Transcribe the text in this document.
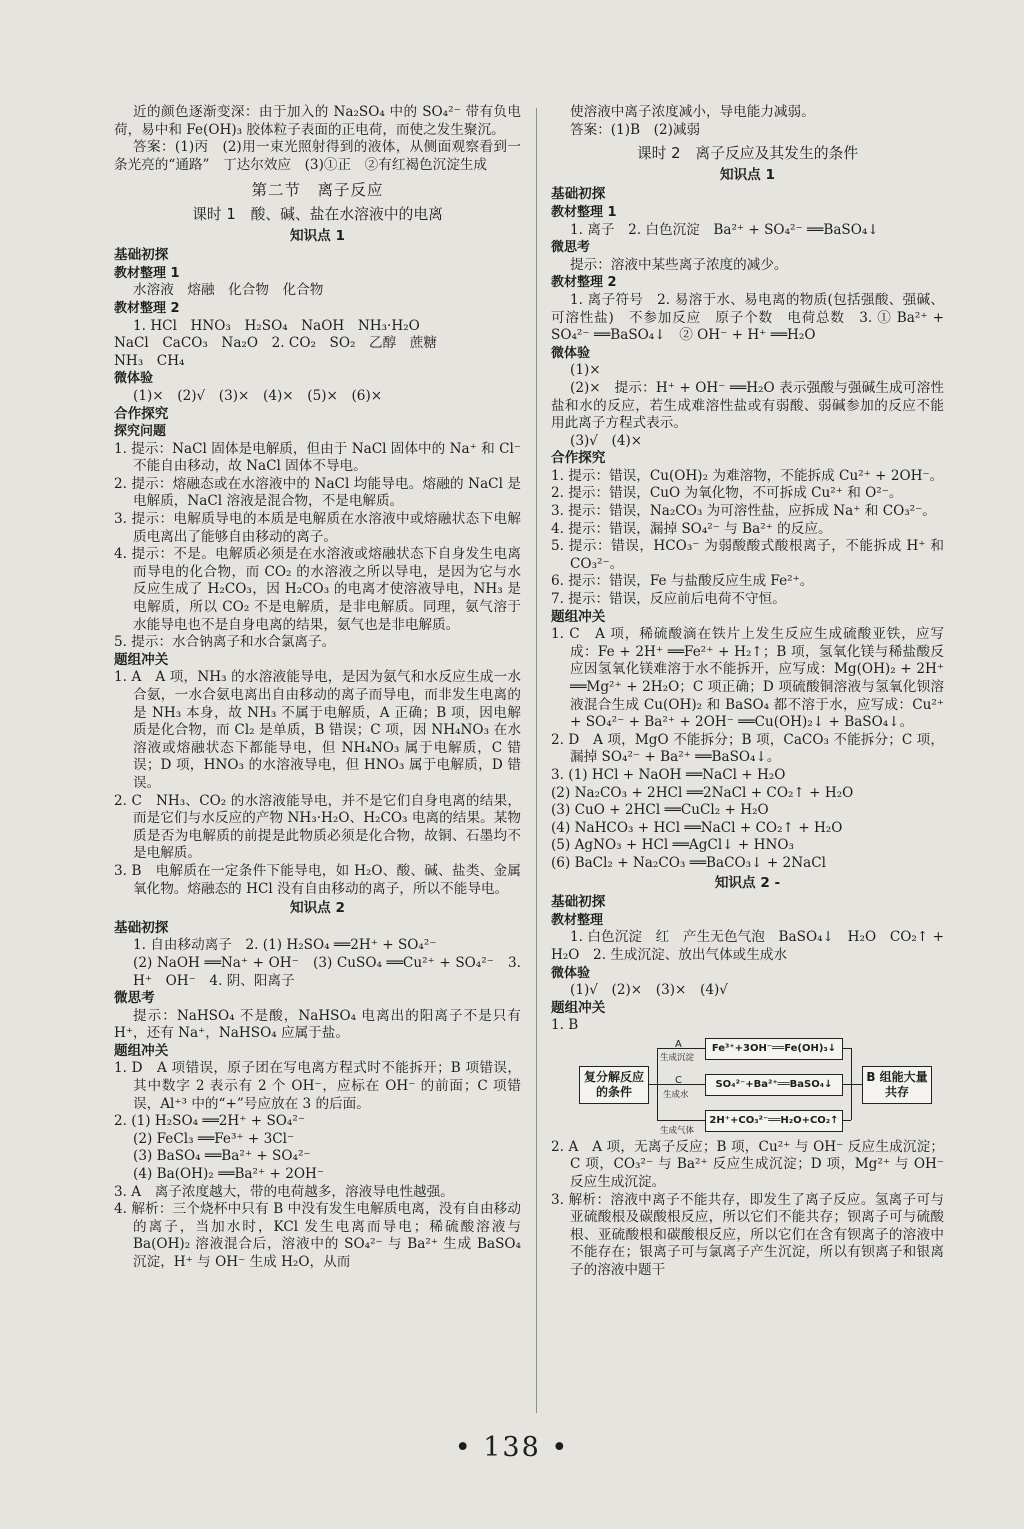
近的颜色逐渐变深：由于加入的 Na₂SO₄ 中的 SO₄²⁻ 带有负电荷，易中和 Fe(OH)₃ 胶体粒子表面的正电荷，而使之发生聚沉。

答案：(1)丙　(2)用一束光照射得到的液体，从侧面观察看到一条光亮的“通路”　丁达尔效应　(3)①正　②有红褐色沉淀生成

第二节　离子反应
课时 1　酸、碱、盐在水溶液中的电离
知识点 1
基础初探
教材整理 1

水溶液　熔融　化合物　化合物

教材整理 2

1. HCl　HNO₃　H₂SO₄　NaOH　NH₃·H₂O

NaCl　CaCO₃　Na₂O　2. CO₂　SO₂　乙醇　蔗糖

NH₃　CH₄

微体验

(1)×　(2)√　(3)×　(4)×　(5)×　(6)×

合作探究
探究问题

1. 提示：NaCl 固体是电解质，但由于 NaCl 固体中的 Na⁺ 和 Cl⁻ 不能自由移动，故 NaCl 固体不导电。

2. 提示：熔融态或在水溶液中的 NaCl 均能导电。熔融的 NaCl 是电解质，NaCl 溶液是混合物，不是电解质。

3. 提示：电解质导电的本质是电解质在水溶液中或熔融状态下电解质电离出了能够自由移动的离子。

4. 提示：不是。电解质必须是在水溶液或熔融状态下自身发生电离而导电的化合物，而 CO₂ 的水溶液之所以导电，是因为它与水反应生成了 H₂CO₃，因 H₂CO₃ 的电离才使溶液导电，NH₃ 是电解质，所以 CO₂ 不是电解质，是非电解质。同理，氨气溶于水能导电也不是自身电离的结果，氨气也是非电解质。

5. 提示：水合钠离子和水合氯离子。

题组冲关

1. A　A 项，NH₃ 的水溶液能导电，是因为氨气和水反应生成一水合氨，一水合氨电离出自由移动的离子而导电，而非发生电离的是 NH₃ 本身，故 NH₃ 不属于电解质，A 正确；B 项，因电解质是化合物，而 Cl₂ 是单质，B 错误；C 项，因 NH₄NO₃ 在水溶液或熔融状态下都能导电，但 NH₄NO₃ 属于电解质，C 错误；D 项，HNO₃ 的水溶液导电，但 HNO₃ 属于电解质，D 错误。

2. C　NH₃、CO₂ 的水溶液能导电，并不是它们自身电离的结果，而是它们与水反应的产物 NH₃·H₂O、H₂CO₃ 电离的结果。某物质是否为电解质的前提是此物质必须是化合物，故铜、石墨均不是电解质。

3. B　电解质在一定条件下能导电，如 H₂O、酸、碱、盐类、金属氧化物。熔融态的 HCl 没有自由移动的离子，所以不能导电。

知识点 2
基础初探

1. 自由移动离子　2. (1) H₂SO₄ ══2H⁺ + SO₄²⁻

(2) NaOH ══Na⁺ + OH⁻　(3) CuSO₄ ══Cu²⁺ + SO₄²⁻　3. H⁺　OH⁻　4. 阴、阳离子

微思考

提示：NaHSO₄ 不是酸，NaHSO₄ 电离出的阳离子不是只有 H⁺，还有 Na⁺，NaHSO₄ 应属于盐。

题组冲关

1. D　A 项错误，原子团在写电离方程式时不能拆开；B 项错误，其中数字 2 表示有 2 个 OH⁻，应标在 OH⁻ 的前面；C 项错误，Al⁺³ 中的“+”号应放在 3 的后面。

2. (1) H₂SO₄ ══2H⁺ + SO₄²⁻

(2) FeCl₃ ══Fe³⁺ + 3Cl⁻

(3) BaSO₄ ══Ba²⁺ + SO₄²⁻

(4) Ba(OH)₂ ══Ba²⁺ + 2OH⁻

3. A　离子浓度越大，带的电荷越多，溶液导电性越强。

4. 解析：三个烧杯中只有 B 中没有发生电解质电离，没有自由移动的离子，当加水时，KCl 发生电离而导电；稀硫酸溶液与 Ba(OH)₂ 溶液混合后，溶液中的 SO₄²⁻ 与 Ba²⁺ 生成 BaSO₄ 沉淀，H⁺ 与 OH⁻ 生成 H₂O，从而

使溶液中离子浓度减小，导电能力减弱。

答案：(1)B　(2)减弱

课时 2　离子反应及其发生的条件
知识点 1
基础初探
教材整理 1

1. 离子　2. 白色沉淀　Ba²⁺ + SO₄²⁻ ══BaSO₄↓

微思考

提示：溶液中某些离子浓度的减少。

教材整理 2

1. 离子符号　2. 易溶于水、易电离的物质(包括强酸、强碱、可溶性盐)　不参加反应　原子个数　电荷总数　3. ① Ba²⁺ + SO₄²⁻ ══BaSO₄↓　② OH⁻ + H⁺ ══H₂O

微体验

(1)×

(2)×　提示：H⁺ + OH⁻ ══H₂O 表示强酸与强碱生成可溶性盐和水的反应，若生成难溶性盐或有弱酸、弱碱参加的反应不能用此离子方程式表示。

(3)√　(4)×

合作探究

1. 提示：错误，Cu(OH)₂ 为难溶物，不能拆成 Cu²⁺ + 2OH⁻。

2. 提示：错误，CuO 为氧化物，不可拆成 Cu²⁺ 和 O²⁻。

3. 提示：错误，Na₂CO₃ 为可溶性盐，应拆成 Na⁺ 和 CO₃²⁻。

4. 提示：错误，漏掉 SO₄²⁻ 与 Ba²⁺ 的反应。

5. 提示：错误，HCO₃⁻ 为弱酸酸式酸根离子，不能拆成 H⁺ 和 CO₃²⁻。

6. 提示：错误，Fe 与盐酸反应生成 Fe²⁺。

7. 提示：错误，反应前后电荷不守恒。

题组冲关

1. C　A 项，稀硫酸滴在铁片上发生反应生成硫酸亚铁，应写成：Fe + 2H⁺ ══Fe²⁺ + H₂↑；B 项，氢氧化镁与稀盐酸反应因氢氧化镁难溶于水不能拆开，应写成：Mg(OH)₂ + 2H⁺ ══Mg²⁺ + 2H₂O；C 项正确；D 项硫酸铜溶液与氢氧化钡溶液混合生成 Cu(OH)₂ 和 BaSO₄ 都不溶于水，应写成：Cu²⁺ + SO₄²⁻ + Ba²⁺ + 2OH⁻ ══Cu(OH)₂↓ + BaSO₄↓。

2. D　A 项，MgO 不能拆分；B 项，CaCO₃ 不能拆分；C 项，漏掉 SO₄²⁻ + Ba²⁺ ══BaSO₄↓。

3. (1) HCl + NaOH ══NaCl + H₂O

(2) Na₂CO₃ + 2HCl ══2NaCl + CO₂↑ + H₂O

(3) CuO + 2HCl ══CuCl₂ + H₂O

(4) NaHCO₃ + HCl ══NaCl + CO₂↑ + H₂O

(5) AgNO₃ + HCl ══AgCl↓ + HNO₃

(6) BaCl₂ + Na₂CO₃ ══BaCO₃↓ + 2NaCl

知识点 2 -
基础初探
教材整理

1. 白色沉淀　红　产生无色气泡　BaSO₄↓　H₂O　CO₂↑ + H₂O　2. 生成沉淀、放出气体或生成水

微体验

(1)√　(2)×　(3)×　(4)√

题组冲关

1. B

复分解反应的条件
A
生成沉淀
C
生成水
生成气体
Fe³⁺+3OH⁻══Fe(OH)₃↓
SO₄²⁻+Ba²⁺══BaSO₄↓
2H⁺+CO₃²⁻══H₂O+CO₂↑
B 组能大量共存

2. A　A 项，无离子反应；B 项，Cu²⁺ 与 OH⁻ 反应生成沉淀；C 项，CO₃²⁻ 与 Ba²⁺ 反应生成沉淀；D 项，Mg²⁺ 与 OH⁻ 反应生成沉淀。

3. 解析：溶液中离子不能共存，即发生了离子反应。氢离子可与亚硫酸根及碳酸根反应，所以它们不能共存；钡离子可与硫酸根、亚硫酸根和碳酸根反应，所以它们在含有钡离子的溶液中不能存在；银离子可与氯离子产生沉淀，所以有钡离子和银离子的溶液中题干

• 138 •
